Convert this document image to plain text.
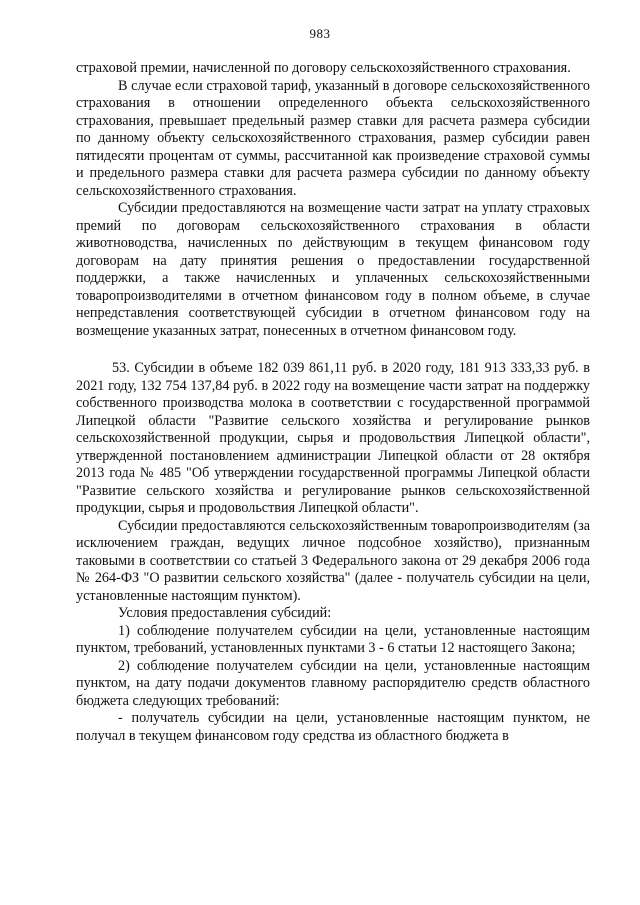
983

страховой премии, начисленной по договору сельскохозяйственного страхования.

В случае если страховой тариф, указанный в договоре сельскохозяйственного страхования в отношении определенного объекта сельскохозяйственного страхования, превышает предельный размер ставки для расчета размера субсидии по данному объекту сельскохозяйственного страхования, размер субсидии равен пятидесяти процентам от суммы, рассчитанной как произведение страховой суммы и предельного размера ставки для расчета размера субсидии по данному объекту сельскохозяйственного страхования.

Субсидии предоставляются на возмещение части затрат на уплату страховых премий по договорам сельскохозяйственного страхования в области животноводства, начисленных по действующим в текущем финансовом году договорам на дату принятия решения о предоставлении государственной поддержки, а также начисленных и уплаченных сельскохозяйственными товаропроизводителями в отчетном финансовом году в полном объеме, в случае непредставления соответствующей субсидии в отчетном финансовом году на возмещение указанных затрат, понесенных в отчетном финансовом году.

53. Субсидии в объеме 182 039 861,11 руб. в 2020 году, 181 913 333,33 руб. в 2021 году, 132 754 137,84 руб. в 2022 году на возмещение части затрат на поддержку собственного производства молока в соответствии с государственной программой Липецкой области "Развитие сельского хозяйства и регулирование рынков сельскохозяйственной продукции, сырья и продовольствия Липецкой области", утвержденной постановлением администрации Липецкой области от 28 октября 2013 года № 485 "Об утверждении государственной программы Липецкой области "Развитие сельского хозяйства и регулирование рынков сельскохозяйственной продукции, сырья и продовольствия Липецкой области".

Субсидии предоставляются сельскохозяйственным товаропроизводителям (за исключением граждан, ведущих личное подсобное хозяйство), признанным таковыми в соответствии со статьей 3 Федерального закона от 29 декабря 2006 года № 264-ФЗ "О развитии сельского хозяйства" (далее - получатель субсидии на цели, установленные настоящим пунктом).

Условия предоставления субсидий:

1) соблюдение получателем субсидии на цели, установленные настоящим пунктом, требований, установленных пунктами 3 - 6 статьи 12 настоящего Закона;

2) соблюдение получателем субсидии на цели, установленные настоящим пунктом, на дату подачи документов главному распорядителю средств областного бюджета следующих требований:

- получатель субсидии на цели, установленные настоящим пунктом, не получал в текущем финансовом году средства из областного бюджета в
